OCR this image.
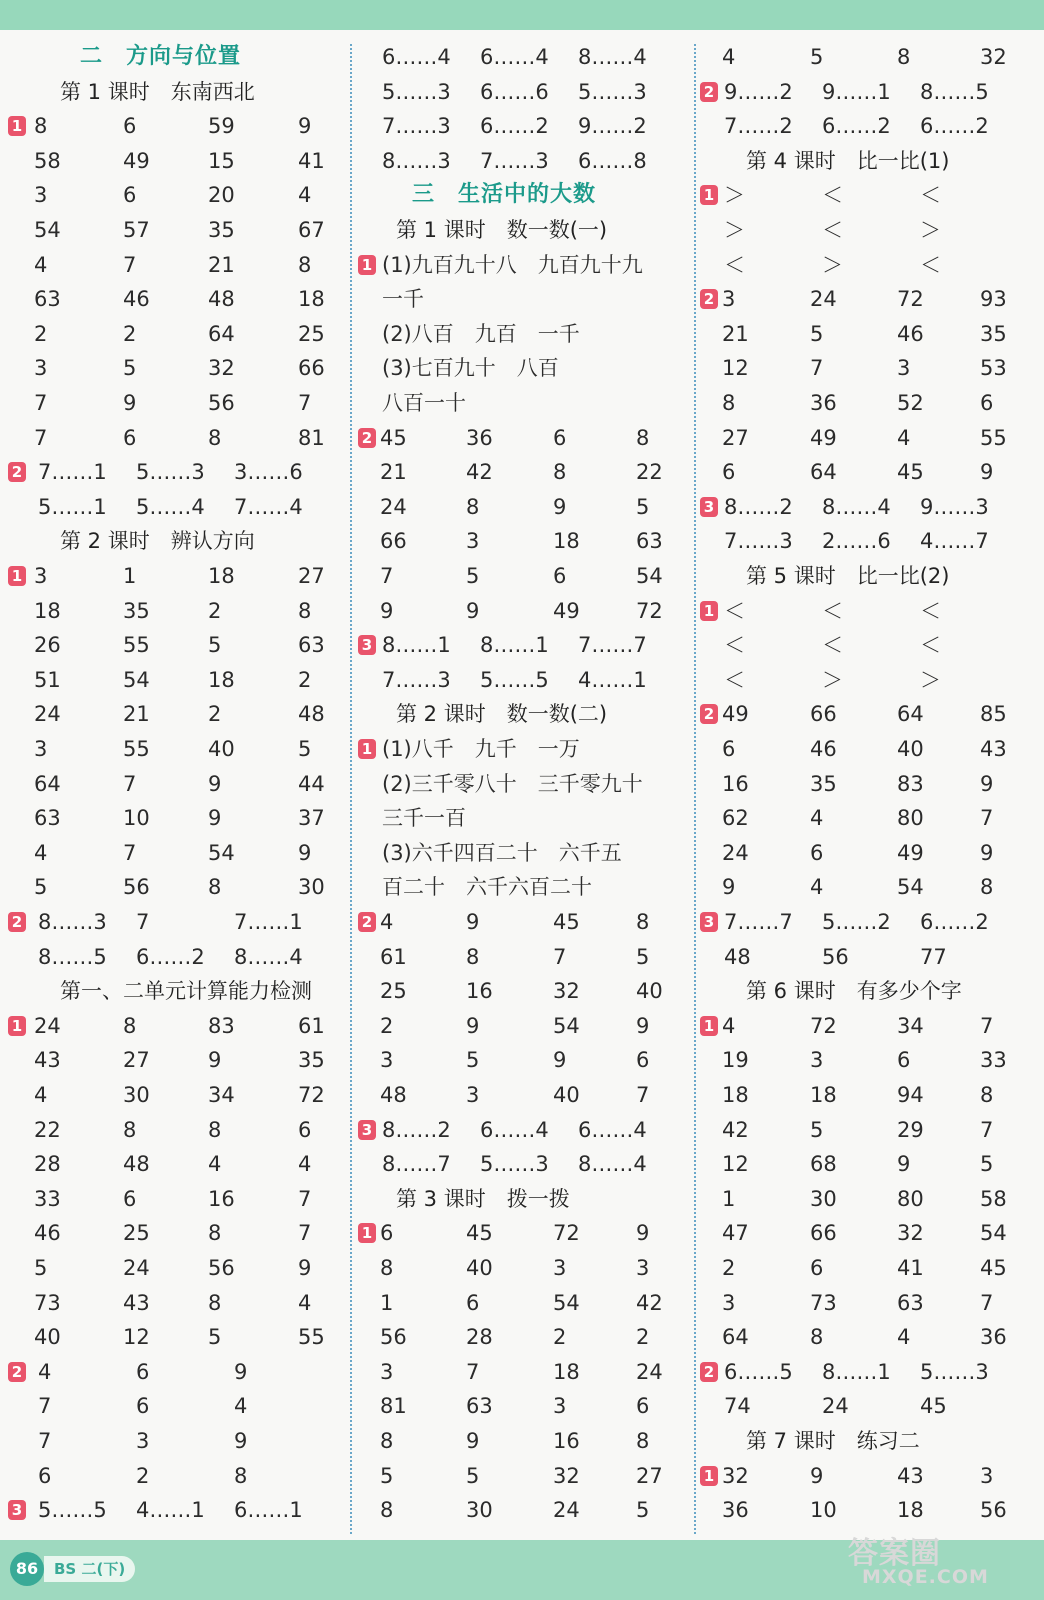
二　方向与位置
第 1 课时　东南西北
1 8	6	59	9
58	49	15	41
3	6	20	4
54	57	35	67
4	7	21	8
63	46	48	18
2	2	64	25
3	5	32	66
7	9	56	7
7	6	8	81
2 7……1 5……3 3……6
5……1 5……4 7……4
第 2 课时　辨认方向
1 3	1	18	27
18	35	2	8
26	55	5	63
51	54	18	2
24	21	2	48
3	55	40	5
64	7	9	44
63	10	9	37
4	7	54	9
5	56	8	30
2 8……3 7	7……1
8……5 6……2 8……4
第一、二单元计算能力检测
1 24	8	83	61
43	27	9	35
4	30	34	72
22	8	8	6
28	48	4	4
33	6	16	7
46	25	8	7
5	24	56	9
73	43	8	4
40	12	5	55
2 4	6	9
7	6	4
7	3	9
6	2	8
3 5……5 4……1 6……1
6……4 6……4 8……4
5……3 6……6 5……3
7……3 6……2 9……2
8……3 7……3 6……8
三　生活中的大数
第 1 课时　数一数(一)
1 (1)九百九十八　九百九十九
一千
(2)八百　九百　一千
(3)七百九十　八百
八百一十
2 45	36	6	8
21	42	8	22
24	8	9	5
66	3	18	63
7	5	6	54
9	9	49	72
3 8……1 8……1 7……7
7……3 5……5 4……1
第 2 课时　数一数(二)
1 (1)八千　九千　一万
(2)三千零八十　三千零九十
三千一百
(3)六千四百二十　六千五
百二十　六千六百二十
2 4	9	45	8
61	8	7	5
25	16	32	40
2	9	54	9
3	5	9	6
48	3	40	7
3 8……2 6……4 6……4
8……7 5……3 8……4
第 3 课时　拨一拨
1 6	45	72	9
8	40	3	3
1	6	54	42
56	28	2	2
3	7	18	24
81	63	3	6
8	9	16	8
5	5	32	27
8	30	24	5
4	5	8	32
2 9……2 9……1 8……5
7……2 6……2 6……2
第 4 课时　比一比(1)
1 ＞	＜	＜
＞	＜	＞
＜	＞	＜
2 3	24	72	93
21	5	46	35
12	7	3	53
8	36	52	6
27	49	4	55
6	64	45	9
3 8……2 8……4 9……3
7……3 2……6 4……7
第 5 课时　比一比(2)
1 ＜	＜	＜
＜	＜	＜
＜	＞	＞
2 49	66	64	85
6	46	40	43
16	35	83	9
62	4	80	7
24	6	49	9
9	4	54	8
3 7……7 5……2 6……2
48	56	77
第 6 课时　有多少个字
1 4	72	34	7
19	3	6	33
18	18	94	8
42	5	29	7
12	68	9	5
1	30	80	58
47	66	32	54
2	6	41	45
3	73	63	7
64	8	4	36
2 6……5 8……1 5……3
74	24	45
第 7 课时　练习二
1 32	9	43	3
36	10	18	56
86	BS 二(下)	答案圈
MXQE.COM
